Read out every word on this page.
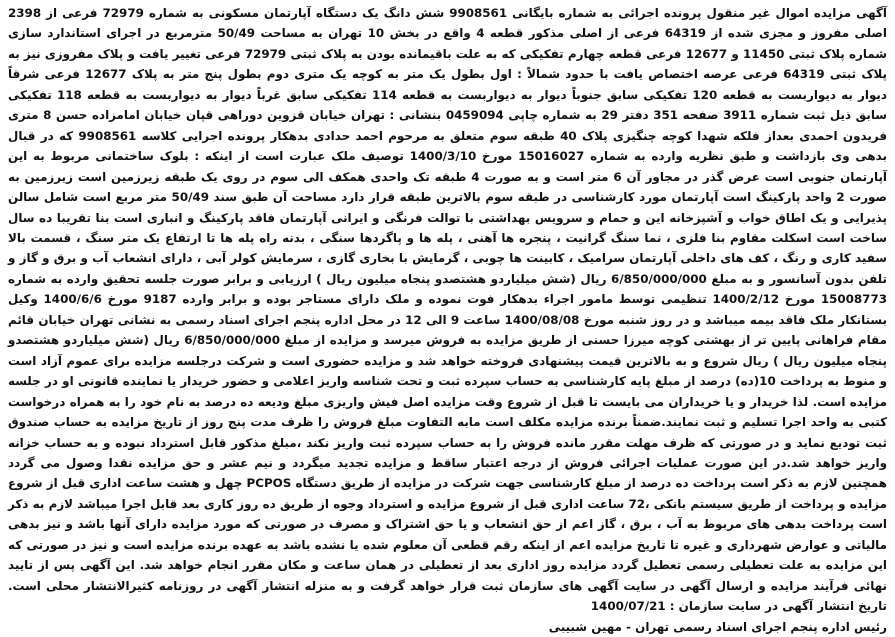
آگهی مزایده اموال غیر منقول پرونده اجرائی به شماره بایگانی 9908561 شش دانگ یک دستگاه آپارتمان مسکونی به شماره 72979 فرعی از 2398 اصلی مفروز و مجزی شده از 64319 فرعی از اصلی مذکور قطعه 4 واقع در بخش 10 تهران به مساحت 50/49 مترمربع در اجرای استاندارد سازی شماره پلاک ثبتی 11450 و 12677 فرعی قطعه چهارم تفکیکی که به علت باقیمانده بودن به پلاک ثبتی 72979 فرعی تغییر یافت و پلاک مفروزی نیز به پلاک ثبتی 64319 فرعی عرصه اختصاص یافت با حدود شمالاً : اول بطول یک متر به کوچه یک متری دوم بطول پنج متر به پلاک 12677 فرعی شرقاً دیوار به دیواربست به قطعه 120 تفکیکی سابق جنوباً دیوار به دیواربست به قطعه 114 تفکیکی سابق غرباً دیوار به دیواربست به قطعه 118 تفکیکی سابق ذیل ثبت شماره 3911 صفحه 351 دفتر 29 به شماره چاپی 0459094 بنشانی : تهران خیابان قزوین دوراهی قپان خیابان امامزاده حسن 8 متری فریدون احمدی بعداز فلکه شهدا کوچه چنگیزی پلاک 40 طبقه سوم متعلق به مرحوم احمد حدادی بدهکار پرونده اجرایی کلاسه 9908561 که در قبال بدهی وی بازداشت و طبق نظریه وارده به شماره 15016027 مورخ 1400/3/10 توصیف ملک عبارت است از اینکه : بلوک ساختمانی مربوط به این آپارتمان جنوبی است عرض گذر در مجاور آن 6 متر است و به صورت 4 طبقه تک واحدی همکف الی سوم در روی یک طبقه زیرزمین است زیرزمین به صورت 2 واحد پارکینگ است آپارتمان مورد کارشناسی در طبقه سوم بالاترین طبقه قرار دارد مساحت آن طبق سند 50/49 متر مربع است شامل سالن پذیرایی و یک اطاق خواب و آشپزخانه این و حمام و سرویس بهداشتی با توالت فرنگی و ایرانی آپارتمان فاقد پارکینگ و انباری است بنا تقریبا ده سال ساخت است اسکلت مقاوم بنا فلزی ، نما سنگ گرانیت ، پنجره ها آهنی ، پله ها و پاگردها سنگی ، بدنه راه پله ها تا ارتفاع یک متر سنگ ، قسمت بالا سفید کاری و رنگ ، کف های داخلی آپارتمان سرامیک ، کابینت ها چوبی ، گرمایش با بخاری گازی ، سرمایش کولر آبی ، دارای انشعاب آب و برق و گاز و تلفن بدون آسانسور و به مبلغ 6/850/000/000 ریال (شش میلیاردو هشتصدو پنجاه میلیون ریال ) ارزیابی و برابر صورت جلسه تحقیق وارده به شماره 15008773 مورخ 1400/2/12 تنظیمی توسط مامور اجراء بدهکار فوت نموده و ملک دارای مستاجر بوده و برابر وارده 9187 مورخ 1400/6/6 وکیل بستانکار ملک فاقد بیمه میباشد و در روز شنبه مورخ 1400/08/08 ساعت 9 الی 12 در محل اداره پنجم اجرای اسناد رسمی به نشانی تهران خیابان قائم مقام فراهانی پایین تر از بهشتی کوچه میرزا حسنی از طریق مزایده به فروش میرسد و مزایده از مبلغ 6/850/000/000 ریال (شش میلیاردو هشتصدو پنجاه میلیون ریال ) ریال شروع و به بالاترین قیمت پیشنهادی فروخته خواهد شد و مزایده حضوری است و شرکت درجلسه مزایده برای عموم آزاد است و منوط به پرداخت 10(ده) درصد از مبلغ پایه کارشناسی به حساب سپرده ثبت و تحت شناسه واریز اعلامی و حضور خریدار یا نماینده قانونی او در جلسه مزایده است. لذا خریدار و یا خریداران می بایست تا قبل از شروع وقت مزایده اصل فیش واریزی مبلغ ودیعه ده درصد به نام خود را به همراه درخواست کتبی به واحد اجرا تسلیم و ثبت نمایند.ضمناً برنده مزایده مکلف است مابه التفاوت مبلغ فروش را ظرف مدت پنج روز از تاریخ مزایده به حساب صندوق ثبت تودیع نماید و در صورتی که ظرف مهلت مقرر مانده فروش را به حساب سپرده ثبت واریز نکند ،مبلغ مذکور قابل استرداد نبوده و به حساب خزانه واریز خواهد شد.در این صورت عملیات اجرائی فروش از درجه اعتبار ساقط و مزایده تجدید میگردد و نیم عشر و حق مزایده نقدا وصول می گردد همچنین لازم به ذکر است پرداخت ده درصد از مبلغ کارشناسی جهت شرکت در مزایده از طریق دستگاه PCPOS چهل و هشت ساعت اداری قبل از شروع مزایده و پرداخت از طریق سیستم بانکی ،72 ساعت اداری قبل از شروع مزایده و استرداد وجوه از طریق ده روز کاری بعد قابل اجرا میباشد لازم به ذکر است پرداخت بدهی های مربوط به آب ، برق ، گاز اعم از حق انشعاب و یا حق اشتراک و مصرف در صورتی که مورد مزایده دارای آنها باشد و نیز بدهی مالیاتی و عوارض شهرداری و غیره تا تاریخ مزایده اعم از اینکه رقم قطعی آن معلوم شده یا نشده باشد به عهده برنده مزایده است و نیز در صورتی که این مزایده به علت تعطیلی رسمی تعطیل گردد مزایده روز اداری بعد از تعطیلی در همان ساعت و مکان مقرر انجام خواهد شد. این آگهی پس از تایید نهائی فرآیند مزایده و ارسال آگهی در سایت آگهی های سازمان ثبت قرار خواهد گرفت و به منزله انتشار آگهی در روزنامه کثیرالانتشار محلی است. تاریخ انتشار آگهی در سایت سازمان : 1400/07/21

رئیس اداره پنجم اجرای اسناد رسمی تهران - مهین شبیبی
